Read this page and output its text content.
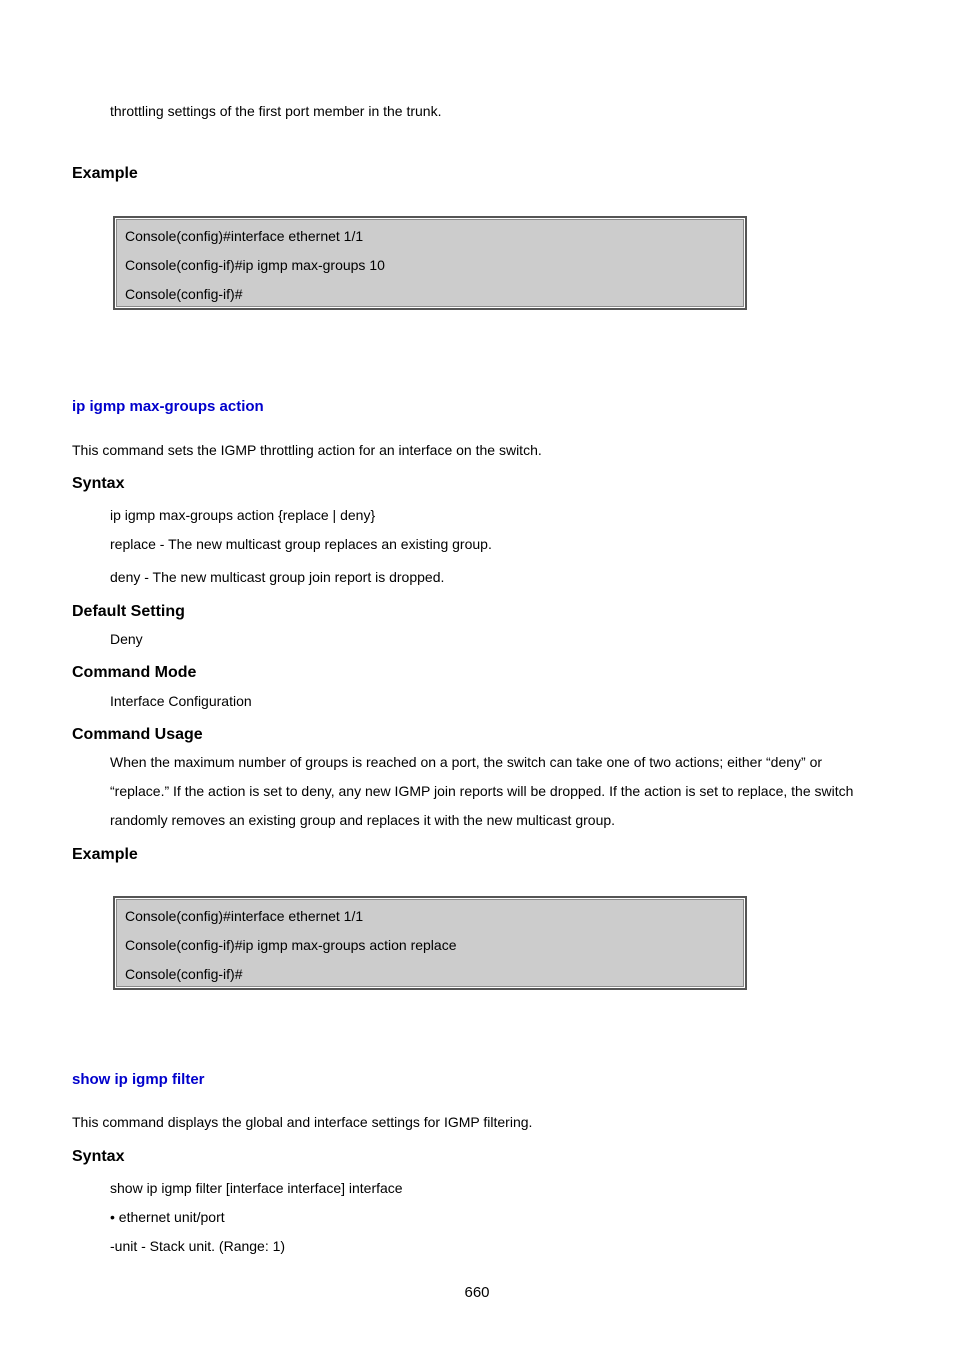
throttling settings of the first port member in the trunk.
Example
Console(config)#interface ethernet 1/1
Console(config-if)#ip igmp max-groups 10
Console(config-if)#
ip igmp max-groups action
This command sets the IGMP throttling action for an interface on the switch.
Syntax
ip igmp max-groups action {replace | deny}
replace - The new multicast group replaces an existing group.
deny - The new multicast group join report is dropped.
Default Setting
Deny
Command Mode
Interface Configuration
Command Usage
When the maximum number of groups is reached on a port, the switch can take one of two actions; either “deny” or
“replace.” If the action is set to deny, any new IGMP join reports will be dropped. If the action is set to replace, the switch
randomly removes an existing group and replaces it with the new multicast group.
Example
Console(config)#interface ethernet 1/1
Console(config-if)#ip igmp max-groups action replace
Console(config-if)#
show ip igmp filter
This command displays the global and interface settings for IGMP filtering.
Syntax
show ip igmp filter [interface interface] interface
• ethernet unit/port
-unit - Stack unit. (Range: 1)
660
